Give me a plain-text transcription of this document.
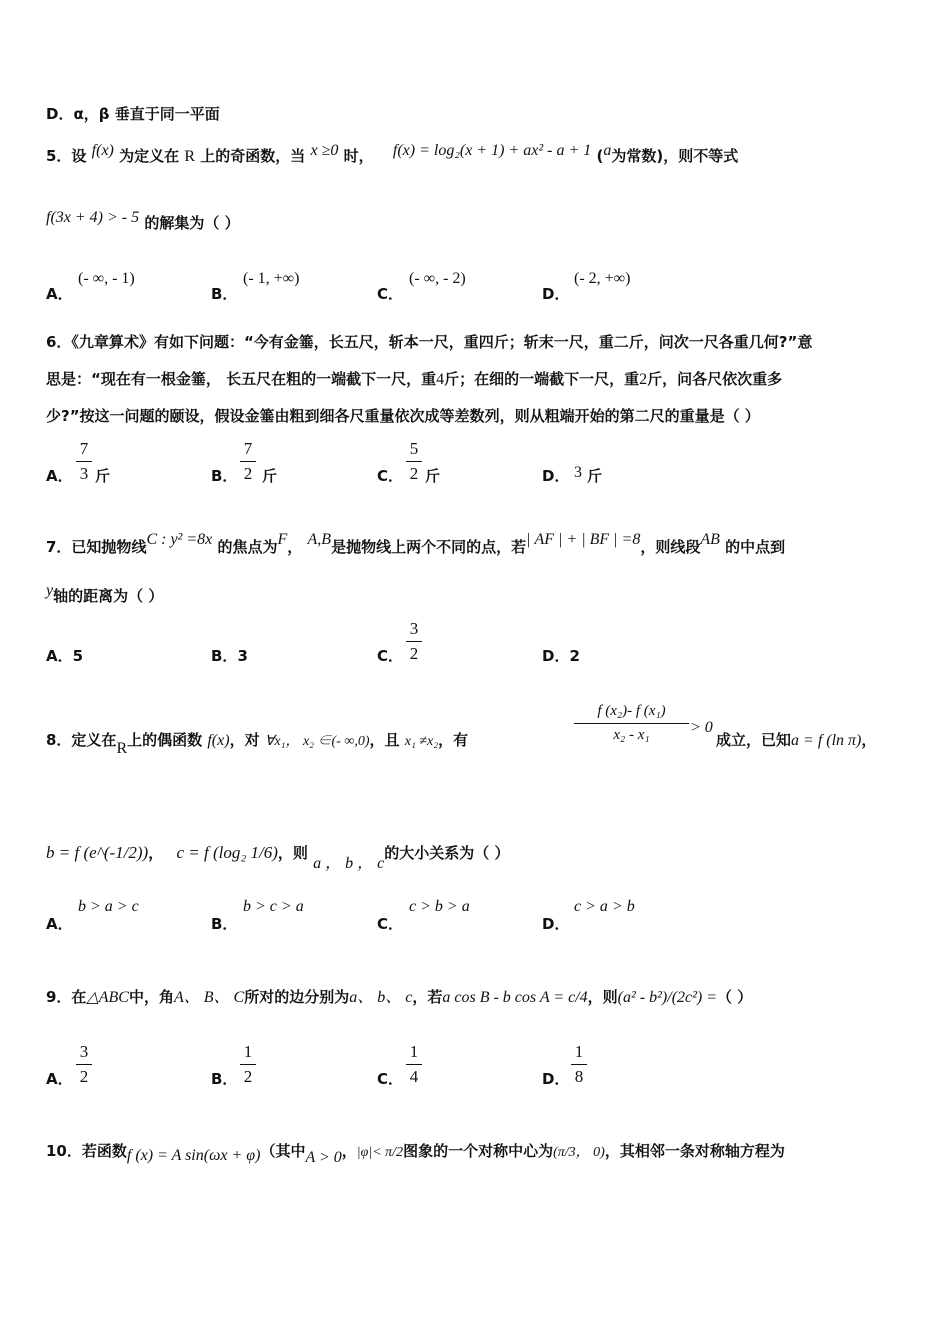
D．α，β 垂直于同一平面
5．设 f(x) 为定义在 R 上的奇函数，当 x ≥0 时， f(x) = log₂(x + 1) + ax² - a + 1 (a为常数)，则不等式
f(3x + 4) > - 5 的解集为（ ）
A．
(- ∞, - 1)
B．
(- 1, +∞)
C．
(- ∞, - 2)
D．
(- 2, +∞)
6．《九章算术》有如下问题：“今有金箠，长五尺，斩本一尺，重四斤；斩末一尺，重二斤，问次一尺各重几何?”意
思是：“现在有一根金箠， 长五尺在粗的一端截下一尺，重4斤；在细的一端截下一尺，重2斤，问各尺依次重多
少?”按这一问题的颐设，假设金箠由粗到细各尺重量依次成等差数列，则从粗端开始的第二尺的重量是（ ）
A．
7
3 斤	B．
7
2 斤	C．
5
2 斤	D． 3 斤
7．已知抛物线C : y² =8x 的焦点为F， A,B是抛物线上两个不同的点，若| AF | + | BF | =8，则线段AB 的中点到
y轴的距离为（ ）
A．5	B．3	C．
3
2	D．2
8．定义在R上的偶函数 f(x)，对 ∀x₁， x₂ ∈(- ∞,0)，且 x₁ ≠x₂，有	$\frac{\text{f (x₂)- f (x₁)}}{\text{x₂ - x₁}} > 0$
成立，已知a = f (ln π)，
b = f (e^(-1/2))， c = f (log₂ 1/6)，则 a ， b ， c的大小关系为（ ）
A．
b > a > c
B．
b > c > a
C．
c > b > a
D．
c > a > b
9．在△ABC中，角A、 B、 C所对的边分别为a、 b、 c，若a cos B - b cos A = c/4，则(a² - b²)/(2c²) =（ ）
A．
3
2	B．
1
2	C．
1
4	D．
1
8
10．若函数f (x) = A sin(ωx + φ)（其中A > 0，|φ|< π/2图象的一个对称中心为(π/3， 0)，其相邻一条对称轴方程为
